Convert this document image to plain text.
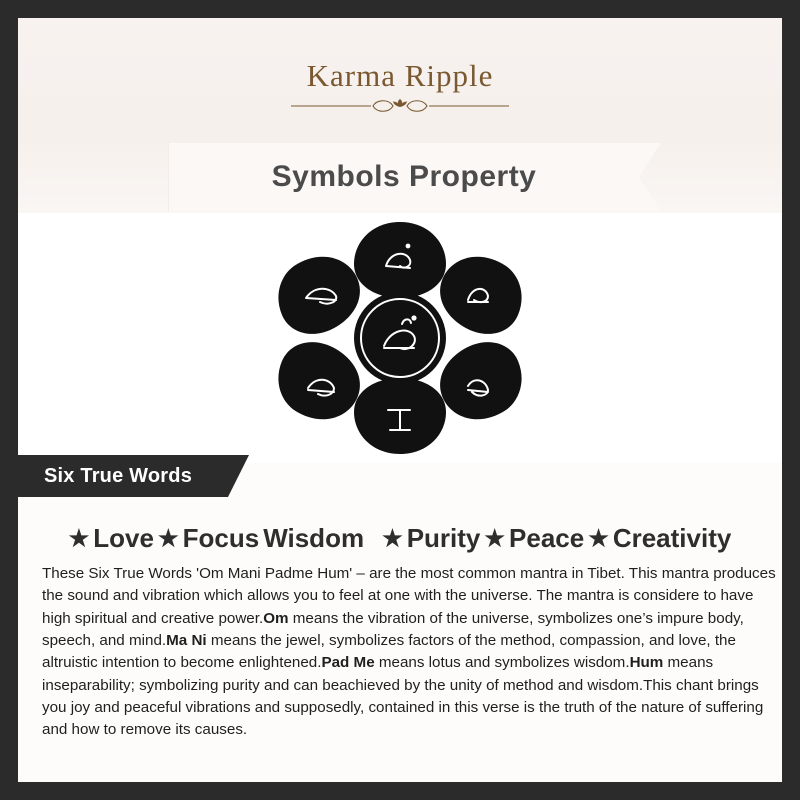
Karma Ripple
Symbols Property
Six True Words
★ Love ★ Focus Wisdom ★ Purity ★ Peace ★ Creativity
These Six True Words 'Om Mani Padme Hum' – are the most common mantra in Tibet. This mantra produces the sound and vibration which allows you to feel at one with the universe. The mantra is considere to have high spiritual and creative power.Om means the vibration of the universe, symbolizes one’s impure body, speech, and mind.Ma Ni means the jewel, symbolizes factors of the method, compassion, and love, the altruistic intention to become enlightened.Pad Me means lotus and symbolizes wisdom.Hum means inseparability; symbolizing purity and can beachieved by the unity of method and wisdom.This chant brings you joy and peaceful vibrations and supposedly, contained in this verse is the truth of the nature of suffering and how to remove its causes.
